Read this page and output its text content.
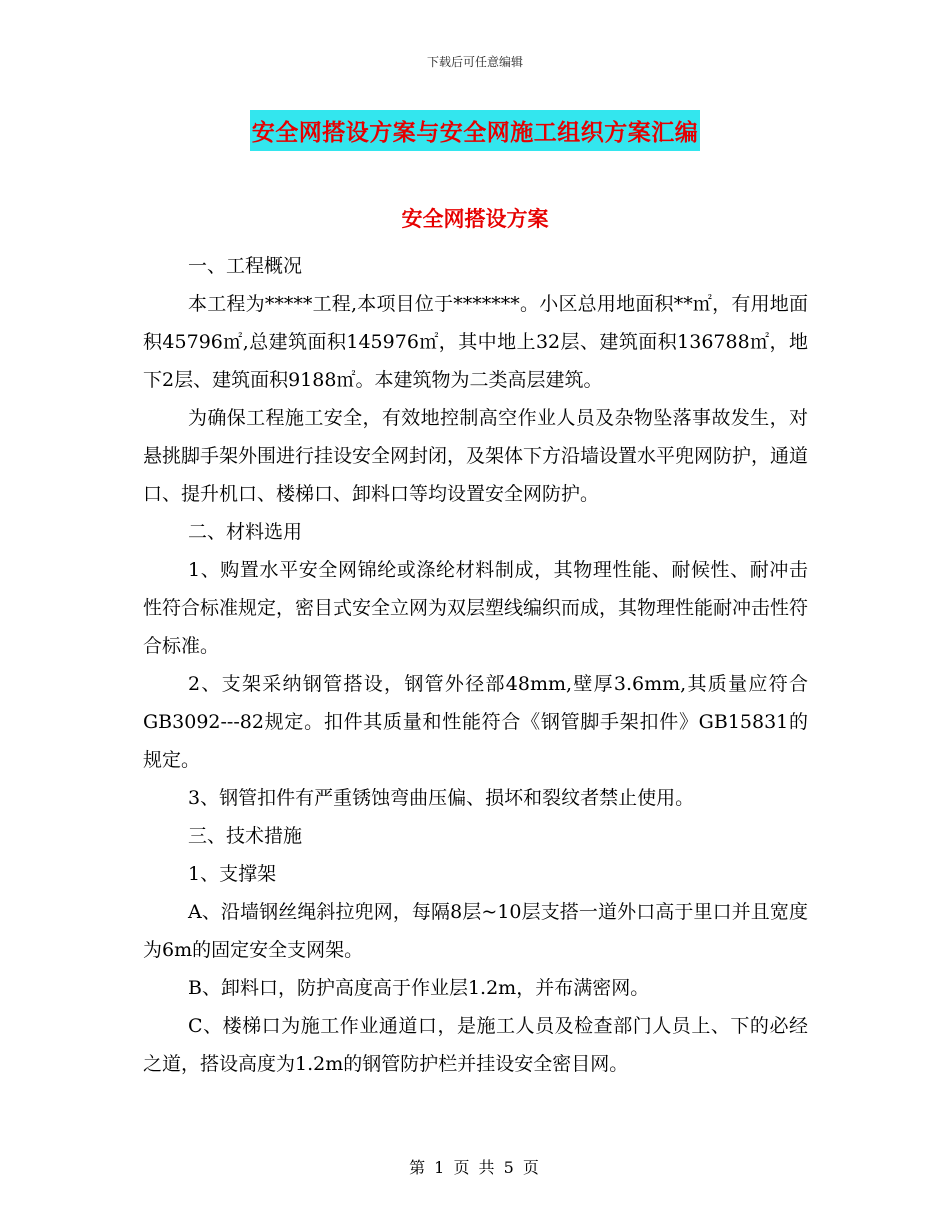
下载后可任意编辑
安全网搭设方案与安全网施工组织方案汇编
安全网搭设方案

一、工程概况

本工程为*****工程,本项目位于*******。小区总用地面积**㎡，有用地面积45796㎡,总建筑面积145976㎡，其中地上32层、建筑面积136788㎡，地下2层、建筑面积9188㎡。本建筑物为二类高层建筑。

为确保工程施工安全，有效地控制高空作业人员及杂物坠落事故发生，对悬挑脚手架外围进行挂设安全网封闭，及架体下方沿墙设置水平兜网防护，通道口、提升机口、楼梯口、卸料口等均设置安全网防护。

二、材料选用

1、购置水平安全网锦纶或涤纶材料制成，其物理性能、耐候性、耐冲击性符合标准规定，密目式安全立网为双层塑线编织而成，其物理性能耐冲击性符合标准。

2、支架采纳钢管搭设，钢管外径部48mm,壁厚3.6mm,其质量应符合GB3092---82规定。扣件其质量和性能符合《钢管脚手架扣件》GB15831的规定。

3、钢管扣件有严重锈蚀弯曲压偏、损坏和裂纹者禁止使用。

三、技术措施

1、支撑架

A、沿墙钢丝绳斜拉兜网，每隔8层~10层支搭一道外口高于里口并且宽度为6m的固定安全支网架。

B、卸料口，防护高度高于作业层1.2m，并布满密网。

C、楼梯口为施工作业通道口，是施工人员及检查部门人员上、下的必经之道，搭设高度为1.2m的钢管防护栏并挂设安全密目网。

第 1 页 共 5 页
